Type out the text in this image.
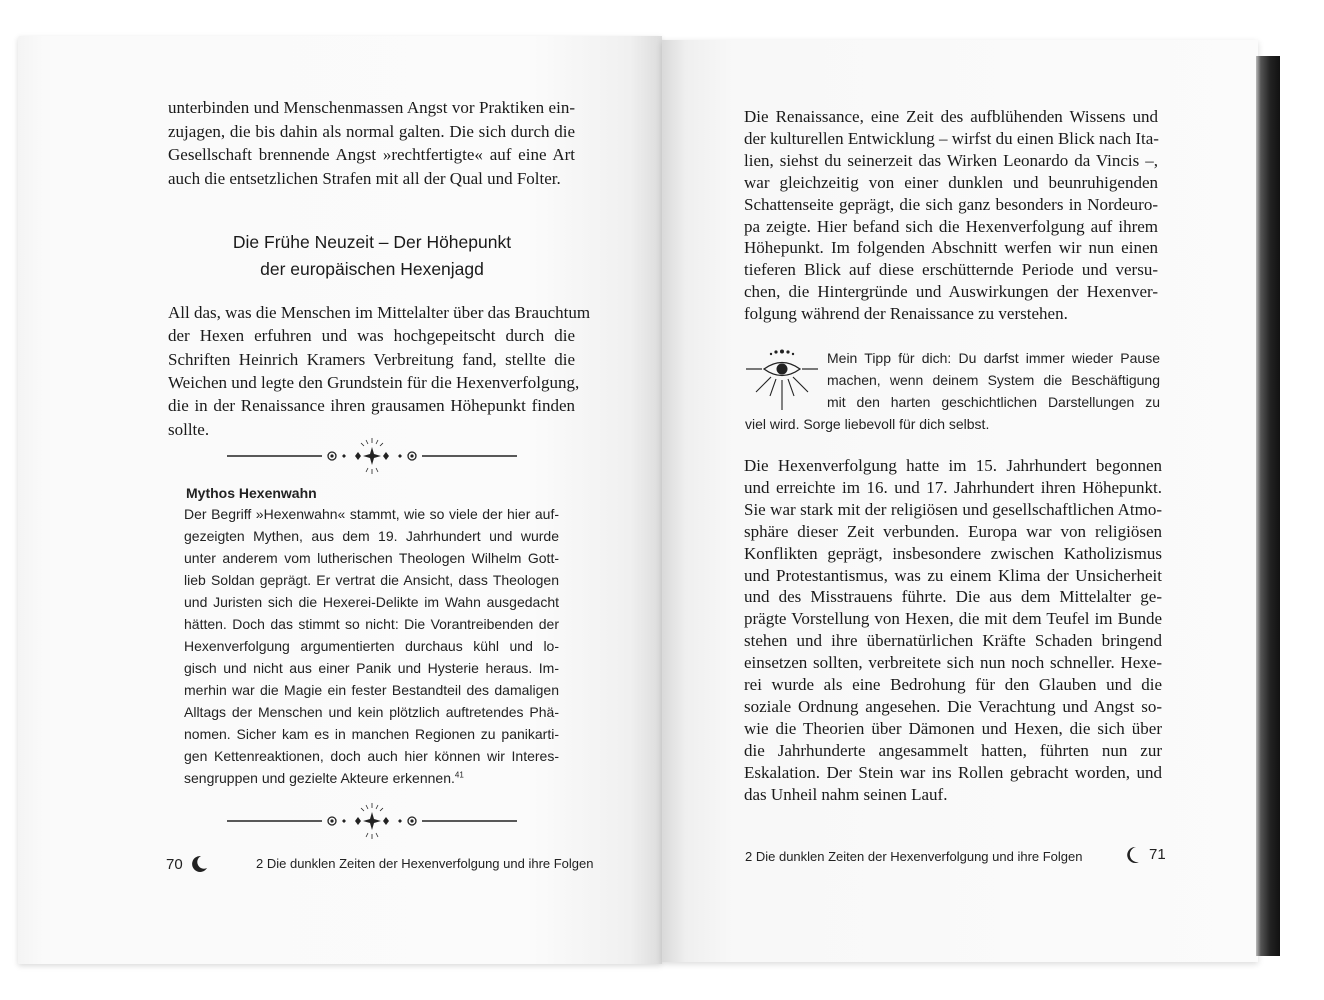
unterbinden und Menschenmassen Angst vor Praktiken ein-
zujagen, die bis dahin als normal galten. Die sich durch die
Gesellschaft brennende Angst »rechtfertigte« auf eine Art
auch die entsetzlichen Strafen mit all der Qual und Folter.
Die Frühe Neuzeit – Der Höhepunkt
der europäischen Hexenjagd
All das, was die Menschen im Mittelalter über das Brauchtum
der Hexen erfuhren und was hochgepeitscht durch die
Schriften Heinrich Kramers Verbreitung fand, stellte die
Weichen und legte den Grundstein für die Hexenverfolgung,
die in der Renaissance ihren grausamen Höhepunkt finden
sollte.
Mythos Hexenwahn
Der Begriff »Hexenwahn« stammt, wie so viele der hier auf-
gezeigten Mythen, aus dem 19. Jahrhundert und wurde
unter anderem vom lutherischen Theologen Wilhelm Gott-
lieb Soldan geprägt. Er vertrat die Ansicht, dass Theologen
und Juristen sich die Hexerei-Delikte im Wahn ausgedacht
hätten. Doch das stimmt so nicht: Die Vorantreibenden der
Hexenverfolgung argumentierten durchaus kühl und lo-
gisch und nicht aus einer Panik und Hysterie heraus. Im-
merhin war die Magie ein fester Bestandteil des damaligen
Alltags der Menschen und kein plötzlich auftretendes Phä-
nomen. Sicher kam es in manchen Regionen zu panikarti-
gen Kettenreaktionen, doch auch hier können wir Interes-
sengruppen und gezielte Akteure erkennen.$^{41}$
70	2 Die dunklen Zeiten der Hexenverfolgung und ihre Folgen
Die Renaissance, eine Zeit des aufblühenden Wissens und
der kulturellen Entwicklung – wirfst du einen Blick nach Ita-
lien, siehst du seinerzeit das Wirken Leonardo da Vincis –,
war gleichzeitig von einer dunklen und beunruhigenden
Schattenseite geprägt, die sich ganz besonders in Nordeuro-
pa zeigte. Hier befand sich die Hexenverfolgung auf ihrem
Höhepunkt. Im folgenden Abschnitt werfen wir nun einen
tieferen Blick auf diese erschütternde Periode und versu-
chen, die Hintergründe und Auswirkungen der Hexenver-
folgung während der Renaissance zu verstehen.
Mein Tipp für dich: Du darfst immer wieder Pause
machen, wenn deinem System die Beschäftigung
mit den harten geschichtlichen Darstellungen zu
viel wird. Sorge liebevoll für dich selbst.
Die Hexenverfolgung hatte im 15. Jahrhundert begonnen
und erreichte im 16. und 17. Jahrhundert ihren Höhepunkt.
Sie war stark mit der religiösen und gesellschaftlichen Atmo-
sphäre dieser Zeit verbunden. Europa war von religiösen
Konflikten geprägt, insbesondere zwischen Katholizismus
und Protestantismus, was zu einem Klima der Unsicherheit
und des Misstrauens führte. Die aus dem Mittelalter ge-
prägte Vorstellung von Hexen, die mit dem Teufel im Bunde
stehen und ihre übernatürlichen Kräfte Schaden bringend
einsetzen sollten, verbreitete sich nun noch schneller. Hexe-
rei wurde als eine Bedrohung für den Glauben und die
soziale Ordnung angesehen. Die Verachtung und Angst so-
wie die Theorien über Dämonen und Hexen, die sich über
die Jahrhunderte angesammelt hatten, führten nun zur
Eskalation. Der Stein war ins Rollen gebracht worden, und
das Unheil nahm seinen Lauf.
2 Die dunklen Zeiten der Hexenverfolgung und ihre Folgen	71
